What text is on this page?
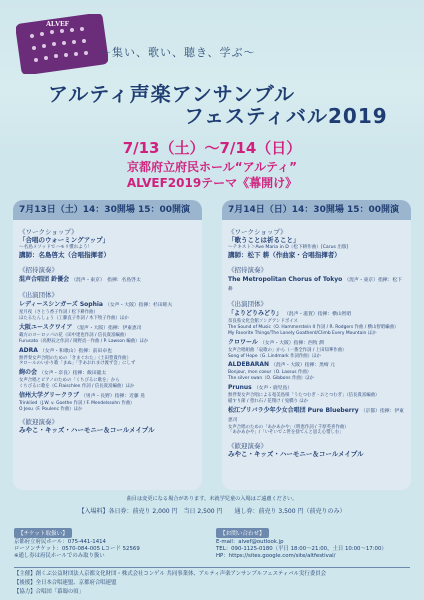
ALVEF
〜集い、歌い、聴き、学ぶ〜
アルティ声楽アンサンブル
フェスティバル2019
7/13（土）〜7/14（日）
京都府立府民ホール“アルティ”
ALVEF2019テーマ《幕開け》
7月13日（土）14：30開場 15：00開演
《ワークショップ》
「合唱のウォーミングアップ」
〜名島メソッドでハモリ慣れよう！
講師：名島啓太（合唱指揮者）
《招待演奏》
混声合唱団 鈴優会 （混声・東京）　指揮：名島啓太
《出演団体》
レディースシンガーズ Sophia （女声・大阪）指揮：杉田睦夫
星月夜（さとう香子作詞 / 松下耕作曲）
ほたるたんしょう（工藤直子作詞 / 木下牧子作曲）ほか
大阪ユースクワイア （混声・大阪）指揮：伊東恵司
蔵方のヨーロッパの花（田中達也作詞 / 信長貴富編曲）
Furusato（高野辰之作詞 / 岡野貞一作曲 / P. Lawson 編曲）ほか
ADRA （女声・和歌山）指揮：前田卓也
無伴奏女声合唱のための「きまぐれた」（土田豊貴作曲）
タロールのいかり歌「まぬ」「手あおれまけ渡ず会」にしず
絢の会 （女声・奈良）指揮：飯田龍太
女声合唱とピアノのための「くちびるに歌を」から
くちびるに歌を（C.Flaischlen 作詞 / 信長貴富編曲）ほか
信州大学グリークラブ （男声・長野）指揮：近藤 晃
Trinklied（J.W. v. Goethe 作詞 / F. Mendelssohn 作曲）
O Jesu（F. Poulenc 作曲）ほか
《歓迎演奏》
みやこ・キッズ・ハーモニー＆コールメイプル
7月14日（日）14：30開場 15：00開演
《ワークショップ》
「歌うことは祈ること」
〜テキスト＞Ave Maria in D（松下耕作曲）[Carus 出版]
講師：松下 耕（作曲家・合唱指揮者）
《招待演奏》
The Metropolitan Chorus of Tokyo （混声・東京）指揮：松下 耕
《出演団体》
「よりどりみどり」 （混声・滋賀）指揮：横山智昭
奈良県文化会館ソングアンドボイス
The Sound of Music（O. Hammerstein II 作詞 / R. Rodgers 作曲 / 横山智昭編曲）
My Favorite Things/The Lonely Goatherd/Climb Every Mountain ほか
クロワール （女声・大阪）指揮：西牧 潤
女声合唱組曲「哀歌の」から（一番全作詞 / 上田知華作曲）
Song of Hope（G. Lindmark 作詞作曲）ほか
ALDEBARAN （混声・大阪）指揮：黒崎 元
Bonjour, mon coeur（O. Lassus 作曲）
The silver swan（O. Gibbons 作曲）ほか
Prunus （女声・鹿児島）
無伴奏女声合唱による奄美島唄「うたつむぎ・おとつむぎ」（信長貴富編曲）
稲すり節 / 豊れ石 / 花翔け / 兎橋り ほか
松江プリバラ少年少女合唱団 Pure Blueberry （京都）指揮：伊東恵司
女声合唱のための「あかあかや」（明恵作詞 / 千原英喜作曲）
「あかあかや」/「いそいでこ世を捨てんと思え心惜しむ」
《歓迎演奏》
みやこ・キッズ・ハーモニー＆コールメイプル
曲目は変更になる場合があります。未就学児童の入場はご遠慮ください。
【入場料】各日券：前売り 2,000 円　当日 2,500 円　　通し券：前売り 3,500 円（前売りのみ）
【チケット取扱い】
京都府立府民ホール：075-441-1414
ローソンチケット：0570-084-005 Lコード 52569
※通し券は府民ホールでのみ取り扱い
【お問い合わせ】
E-mail：alvef@outlook.jp
TEL：090-1125-0180（平日 18:00〜21:00、土日 10:00〜17:00）
HP：https://sites.google.com/site/altfestival/
【主催】創くぶ公益財団法人京都文化財団・株式会社コンゲル 共同事業体、アルティ声楽アンサンブルフェスティバル実行委員会
【後援】全日本合唱連盟、京都府合唱連盟
【協力】合唱団「幕蜀の頃」
